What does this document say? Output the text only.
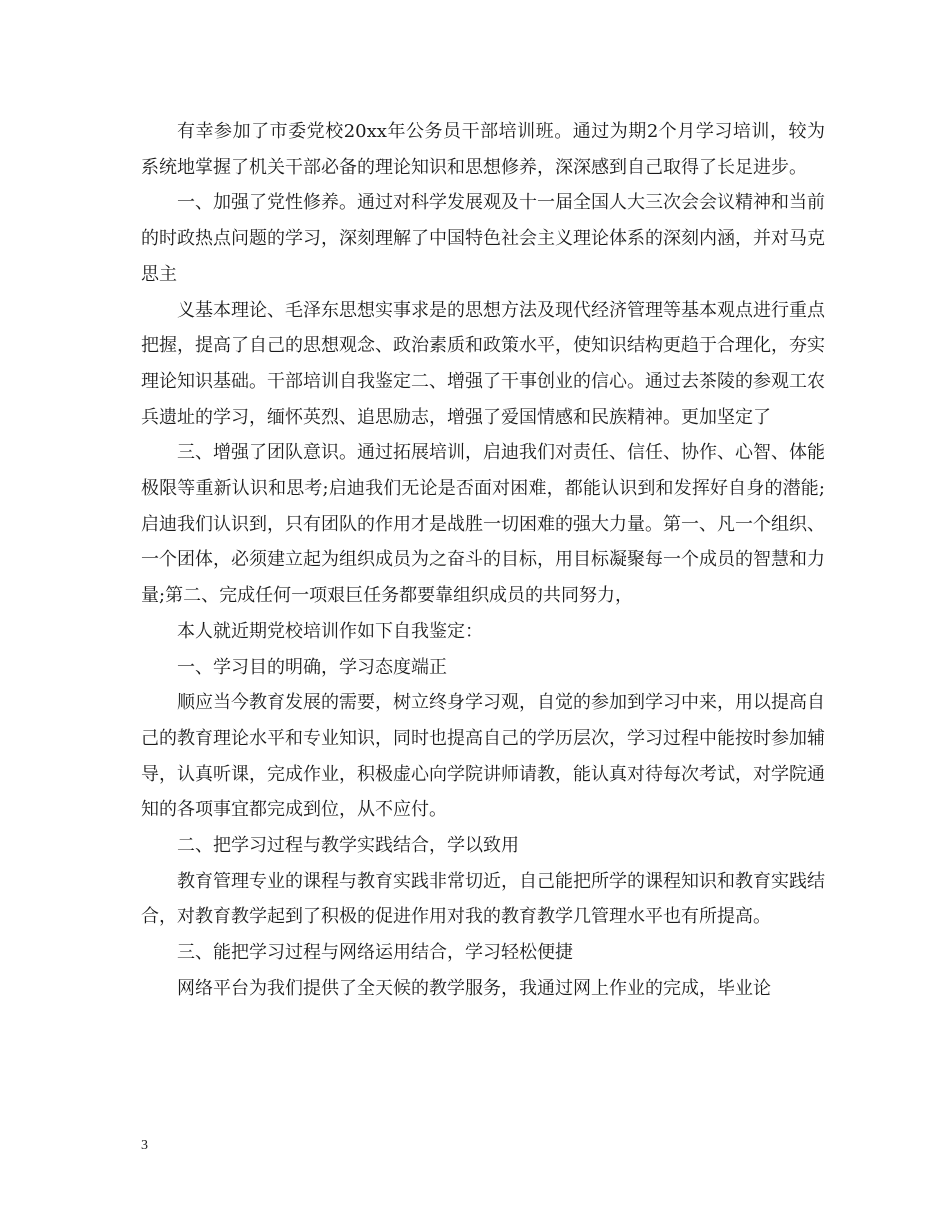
有幸参加了市委党校20xx年公务员干部培训班。通过为期2个月学习培训，较为系统地掌握了机关干部必备的理论知识和思想修养，深深感到自己取得了长足进步。

一、加强了党性修养。通过对科学发展观及十一届全国人大三次会会议精神和当前的时政热点问题的学习，深刻理解了中国特色社会主义理论体系的深刻内涵，并对马克思主

义基本理论、毛泽东思想实事求是的思想方法及现代经济管理等基本观点进行重点把握，提高了自己的思想观念、政治素质和政策水平，使知识结构更趋于合理化，夯实理论知识基础。干部培训自我鉴定二、增强了干事创业的信心。通过去茶陵的参观工农兵遗址的学习，缅怀英烈、追思励志，增强了爱国情感和民族精神。更加坚定了

三、增强了团队意识。通过拓展培训，启迪我们对责任、信任、协作、心智、体能极限等重新认识和思考;启迪我们无论是否面对困难，都能认识到和发挥好自身的潜能;启迪我们认识到，只有团队的作用才是战胜一切困难的强大力量。第一、凡一个组织、一个团体，必须建立起为组织成员为之奋斗的目标，用目标凝聚每一个成员的智慧和力量;第二、完成任何一项艰巨任务都要靠组织成员的共同努力，

本人就近期党校培训作如下自我鉴定：

一、学习目的明确，学习态度端正

顺应当今教育发展的需要，树立终身学习观，自觉的参加到学习中来，用以提高自己的教育理论水平和专业知识，同时也提高自己的学历层次，学习过程中能按时参加辅导，认真听课，完成作业，积极虚心向学院讲师请教，能认真对待每次考试，对学院通知的各项事宜都完成到位，从不应付。

二、把学习过程与教学实践结合，学以致用

教育管理专业的课程与教育实践非常切近，自己能把所学的课程知识和教育实践结合，对教育教学起到了积极的促进作用对我的教育教学几管理水平也有所提高。

三、能把学习过程与网络运用结合，学习轻松便捷

网络平台为我们提供了全天候的教学服务，我通过网上作业的完成，毕业论

3
